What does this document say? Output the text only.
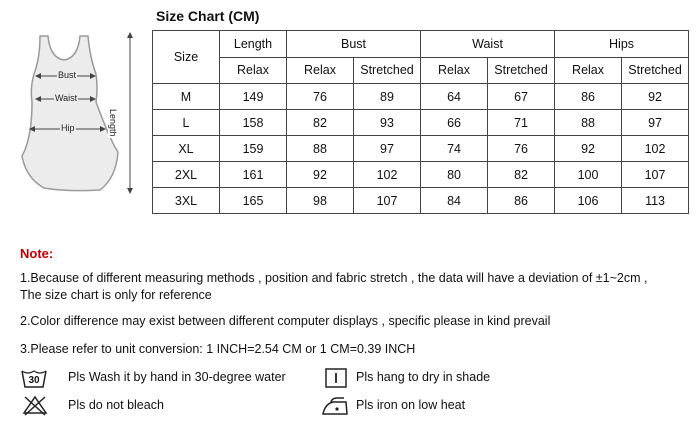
Bust
Waist
Hip	Length
Size Chart (CM)
Size	Length	Bust		Waist		Hips	
	Relax	Relax	Stretched	Relax	Stretched	Relax	Stretched
M	149	76	89	64	67	86	92
L	158	82	93	66	71	88	97
XL	159	88	97	74	76	92	102
2XL	161	92	102	80	82	100	107
3XL	165	98	107	84	86	106	113
Note:
1.Because of different measuring methods , position and fabric stretch , the data will have a deviation of ±1~2cm ,
The size chart is only for reference
2.Color difference may exist between different computer displays , specific please in kind prevail
3.Please refer to unit conversion: 1 INCH=2.54 CM or 1 CM=0.39 INCH
30	Pls Wash it by hand in 30-degree water
Pls do not bleach
Pls hang to dry in shade
Pls iron on low heat
